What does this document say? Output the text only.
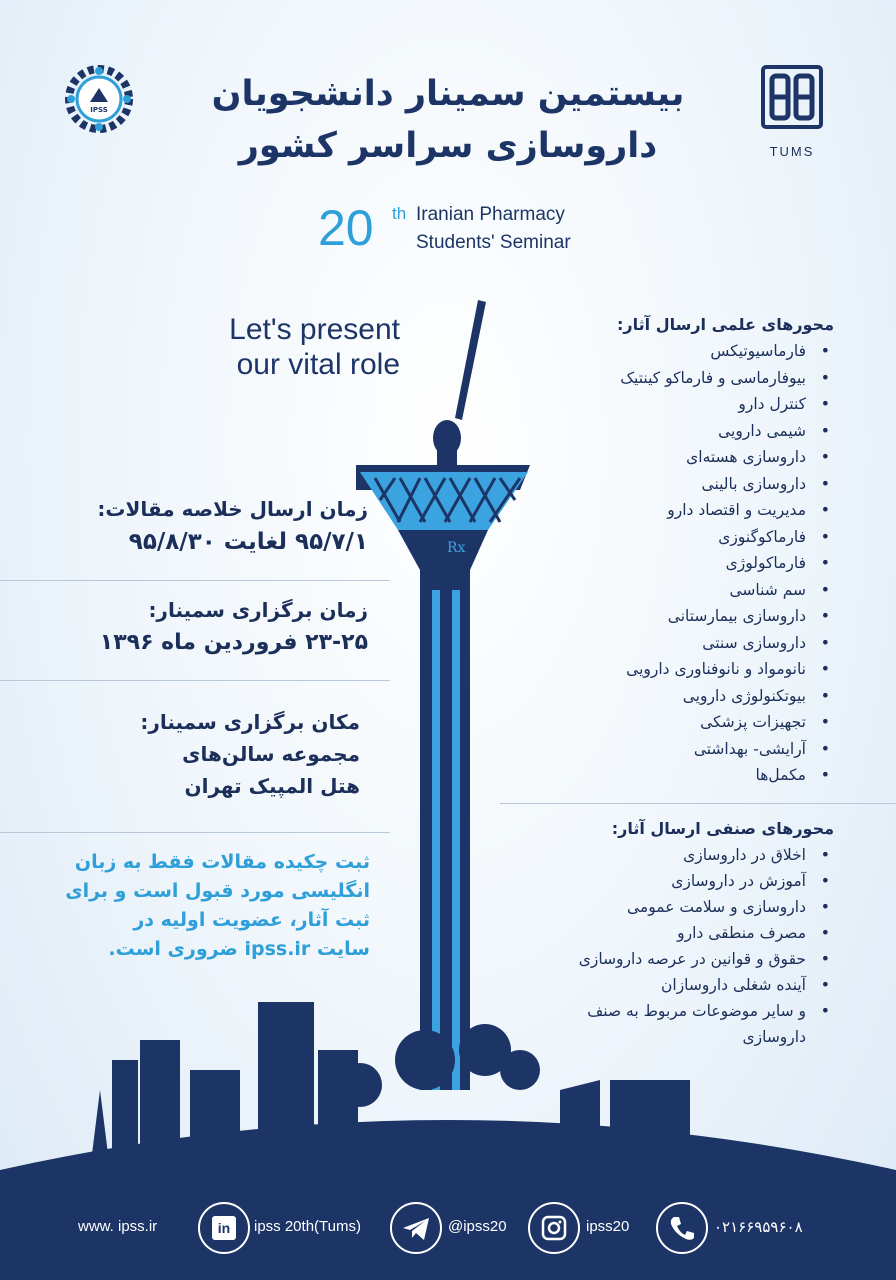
IPSS
TUMS
بیستمین سمینار دانشجویان
داروسازی سراسر کشور
20 th Iranian Pharmacy
Students' Seminar
Let's present
our vital role
Rx
زمان ارسال خلاصه مقالات:
۹۵/۷/۱ لغایت ۹۵/۸/۳۰
زمان برگزاری سمینار:
۲۳-۲۵ فروردین ماه ۱۳۹۶
مکان برگزاری سمینار:
مجموعه سالن‌های
هتل المپیک تهران
ثبت چکیده مقالات فقط به زبان
انگلیسی مورد قبول است و برای
ثبت آثار، عضویت اولیه در
سایت ipss.ir ضروری است.
محورهای علمی ارسال آثار:
• فارماسیوتیکس
• بیوفارماسی و فارماکو کینتیک
• کنترل دارو
• شیمی دارویی
• داروسازی هسته‌ای
• داروسازی بالینی
• مدیریت و اقتصاد دارو
• فارماکوگنوزی
• فارماکولوژی
• سم شناسی
• داروسازی بیمارستانی
• داروسازی سنتی
• نانومواد و نانوفناوری دارویی
• بیوتکنولوژی دارویی
• تجهیزات پزشکی
• آرایشی- بهداشتی
• مکمل‌ها
محورهای صنفی ارسال آثار:
• اخلاق در داروسازی
• آموزش در داروسازی
• داروسازی و سلامت عمومی
• مصرف منطقی دارو
• حقوق و قوانین در عرصه داروسازی
• آینده شغلی داروسازان
• و سایر موضوعات مربوط به صنف داروسازی
www. ipss.ir	in	ipss 20th(Tums)	@ipss20	ipss20	۰۲۱۶۶۹۵۹۶۰۸
